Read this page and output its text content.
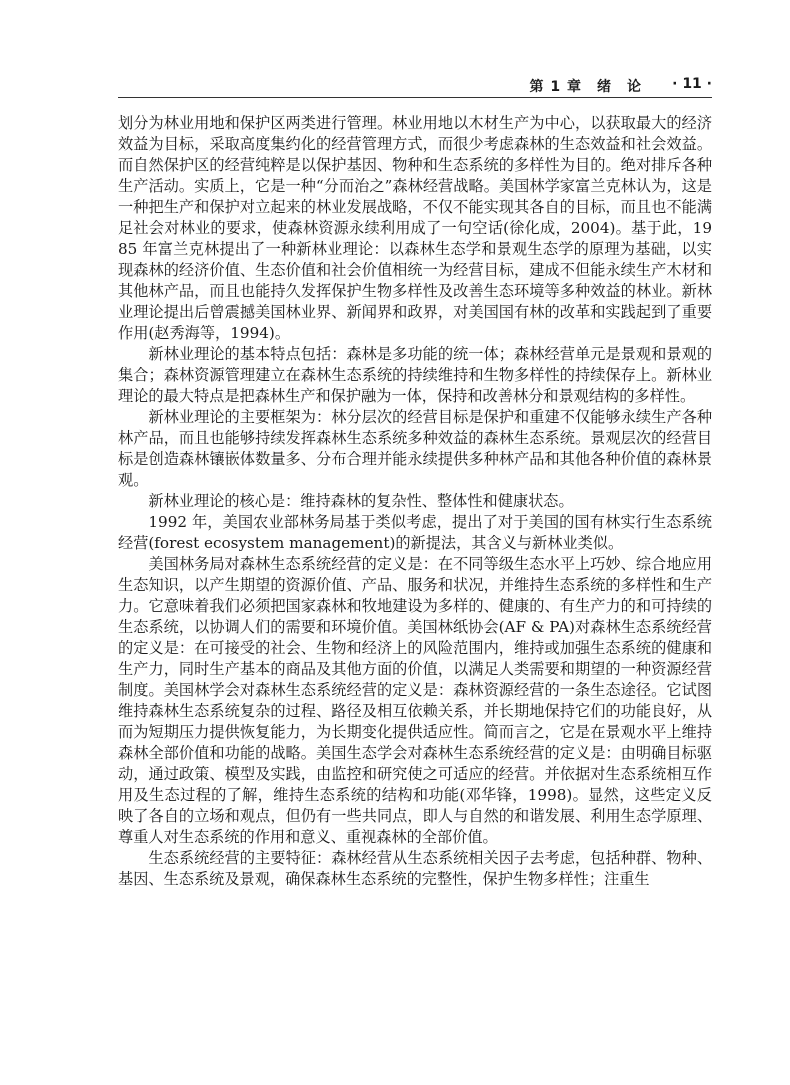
第 1 章　绪　论 · 11 ·

划分为林业用地和保护区两类进行管理。林业用地以木材生产为中心，以获取最大的经济效益为目标，采取高度集约化的经营管理方式，而很少考虑森林的生态效益和社会效益。而自然保护区的经营纯粹是以保护基因、物种和生态系统的多样性为目的。绝对排斥各种生产活动。实质上，它是一种“分而治之”森林经营战略。美国林学家富兰克林认为，这是一种把生产和保护对立起来的林业发展战略，不仅不能实现其各自的目标，而且也不能满足社会对林业的要求，使森林资源永续利用成了一句空话(徐化成，2004)。基于此，1985 年富兰克林提出了一种新林业理论：以森林生态学和景观生态学的原理为基础，以实现森林的经济价值、生态价值和社会价值相统一为经营目标，建成不但能永续生产木材和其他林产品，而且也能持久发挥保护生物多样性及改善生态环境等多种效益的林业。新林业理论提出后曾震撼美国林业界、新闻界和政界，对美国国有林的改革和实践起到了重要作用(赵秀海等，1994)。

新林业理论的基本特点包括：森林是多功能的统一体；森林经营单元是景观和景观的集合；森林资源管理建立在森林生态系统的持续维持和生物多样性的持续保存上。新林业理论的最大特点是把森林生产和保护融为一体，保持和改善林分和景观结构的多样性。

新林业理论的主要框架为：林分层次的经营目标是保护和重建不仅能够永续生产各种林产品，而且也能够持续发挥森林生态系统多种效益的森林生态系统。景观层次的经营目标是创造森林镶嵌体数量多、分布合理并能永续提供多种林产品和其他各种价值的森林景观。

新林业理论的核心是：维持森林的复杂性、整体性和健康状态。

1992 年，美国农业部林务局基于类似考虑，提出了对于美国的国有林实行生态系统经营(forest ecosystem management)的新提法，其含义与新林业类似。

美国林务局对森林生态系统经营的定义是：在不同等级生态水平上巧妙、综合地应用生态知识，以产生期望的资源价值、产品、服务和状况，并维持生态系统的多样性和生产力。它意味着我们必须把国家森林和牧地建设为多样的、健康的、有生产力的和可持续的生态系统，以协调人们的需要和环境价值。美国林纸协会(AF & PA)对森林生态系统经营的定义是：在可接受的社会、生物和经济上的风险范围内，维持或加强生态系统的健康和生产力，同时生产基本的商品及其他方面的价值，以满足人类需要和期望的一种资源经营制度。美国林学会对森林生态系统经营的定义是：森林资源经营的一条生态途径。它试图维持森林生态系统复杂的过程、路径及相互依赖关系，并长期地保持它们的功能良好，从而为短期压力提供恢复能力，为长期变化提供适应性。简而言之，它是在景观水平上维持森林全部价值和功能的战略。美国生态学会对森林生态系统经营的定义是：由明确目标驱动，通过政策、模型及实践，由监控和研究使之可适应的经营。并依据对生态系统相互作用及生态过程的了解，维持生态系统的结构和功能(邓华锋，1998)。显然，这些定义反映了各自的立场和观点，但仍有一些共同点，即人与自然的和谐发展、利用生态学原理、尊重人对生态系统的作用和意义、重视森林的全部价值。

生态系统经营的主要特征：森林经营从生态系统相关因子去考虑，包括种群、物种、基因、生态系统及景观，确保森林生态系统的完整性，保护生物多样性；注重生
